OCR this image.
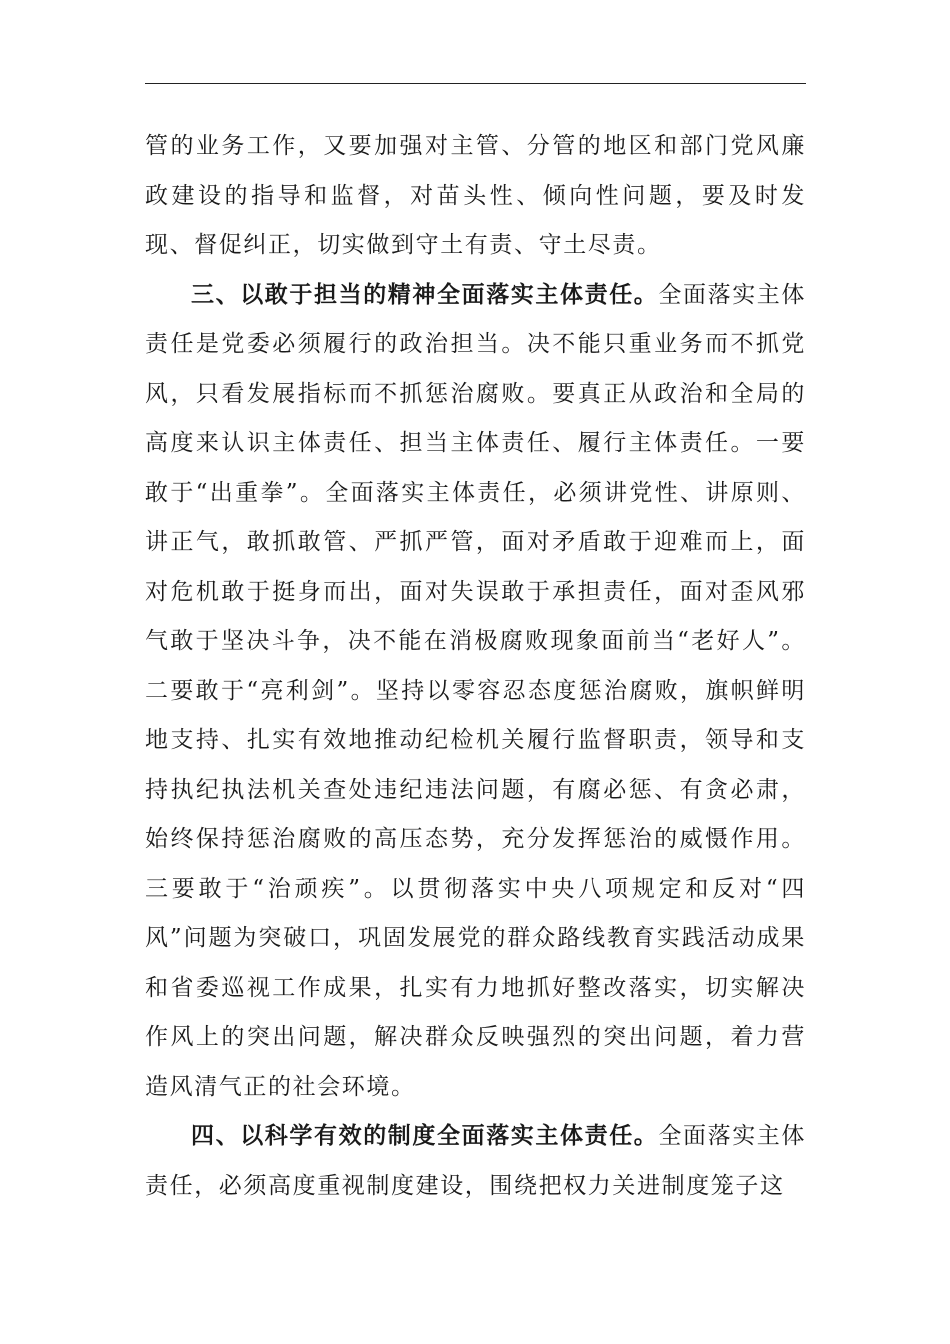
管的业务工作，又要加强对主管、分管的地区和部门党风廉政建设的指导和监督，对苗头性、倾向性问题，要及时发现、督促纠正，切实做到守土有责、守土尽责。

三、以敢于担当的精神全面落实主体责任。全面落实主体责任是党委必须履行的政治担当。决不能只重业务而不抓党风，只看发展指标而不抓惩治腐败。要真正从政治和全局的高度来认识主体责任、担当主体责任、履行主体责任。一要敢于“出重拳”。全面落实主体责任，必须讲党性、讲原则、讲正气，敢抓敢管、严抓严管，面对矛盾敢于迎难而上，面对危机敢于挺身而出，面对失误敢于承担责任，面对歪风邪气敢于坚决斗争，决不能在消极腐败现象面前当“老好人”。二要敢于“亮利剑”。坚持以零容忍态度惩治腐败，旗帜鲜明地支持、扎实有效地推动纪检机关履行监督职责，领导和支持执纪执法机关查处违纪违法问题，有腐必惩、有贪必肃，始终保持惩治腐败的高压态势，充分发挥惩治的威慑作用。三要敢于“治顽疾”。以贯彻落实中央八项规定和反对“四风”问题为突破口，巩固发展党的群众路线教育实践活动成果和省委巡视工作成果，扎实有力地抓好整改落实，切实解决作风上的突出问题，解决群众反映强烈的突出问题，着力营造风清气正的社会环境。

四、以科学有效的制度全面落实主体责任。全面落实主体责任，必须高度重视制度建设，围绕把权力关进制度笼子这
